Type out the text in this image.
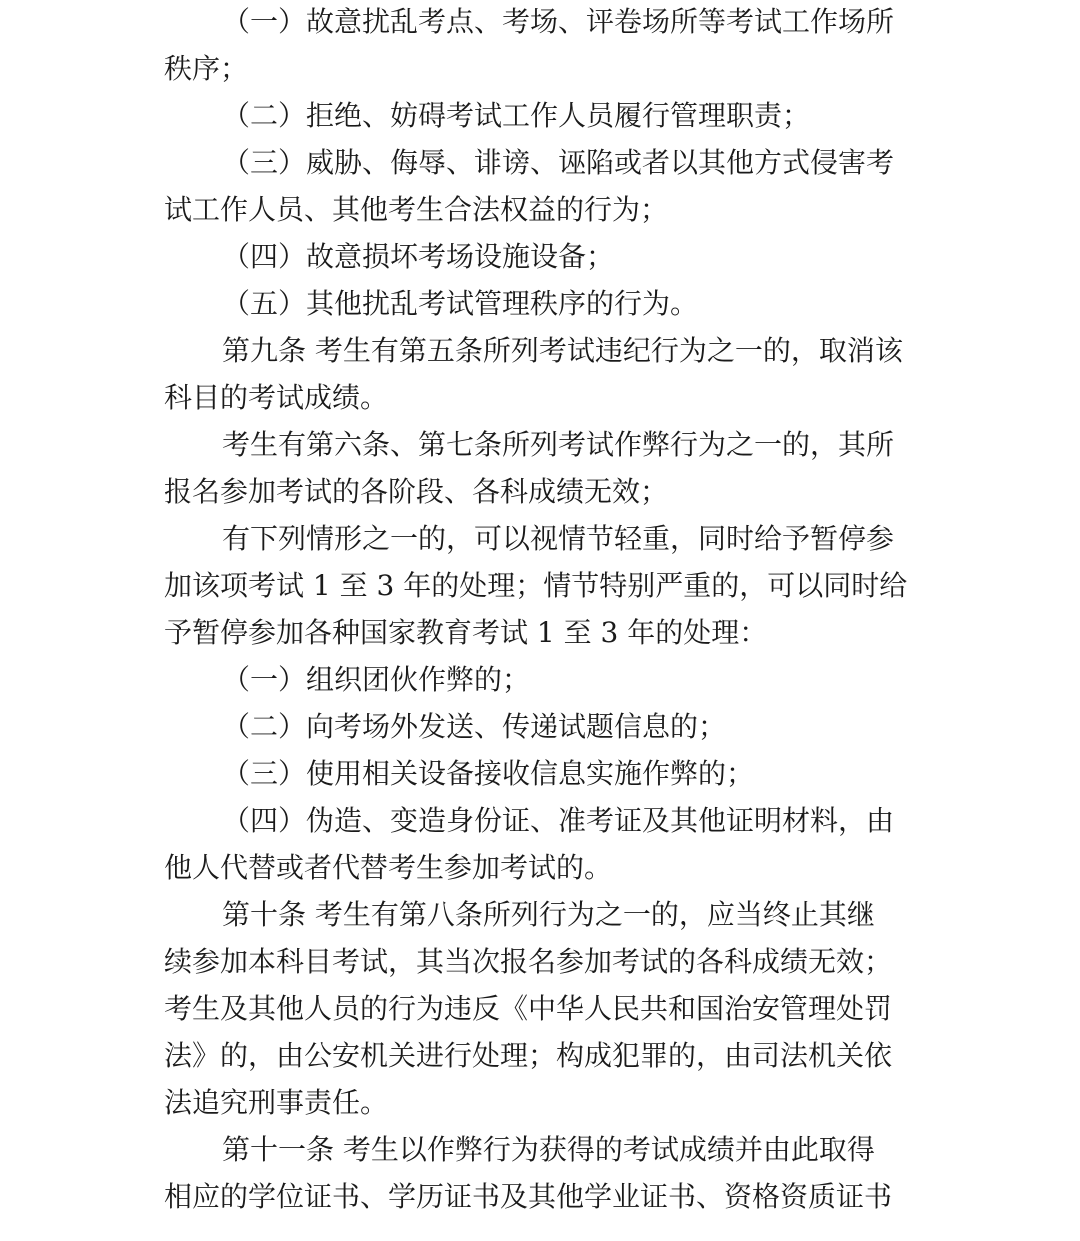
（一）故意扰乱考点、考场、评卷场所等考试工作场所
秩序；
（二）拒绝、妨碍考试工作人员履行管理职责；
（三）威胁、侮辱、诽谤、诬陷或者以其他方式侵害考
试工作人员、其他考生合法权益的行为；
（四）故意损坏考场设施设备；
（五）其他扰乱考试管理秩序的行为。
第九条 考生有第五条所列考试违纪行为之一的，取消该
科目的考试成绩。
考生有第六条、第七条所列考试作弊行为之一的，其所
报名参加考试的各阶段、各科成绩无效；
有下列情形之一的，可以视情节轻重，同时给予暂停参
加该项考试 1 至 3 年的处理；情节特别严重的，可以同时给
予暂停参加各种国家教育考试 1 至 3 年的处理：
（一）组织团伙作弊的；
（二）向考场外发送、传递试题信息的；
（三）使用相关设备接收信息实施作弊的；
（四）伪造、变造身份证、准考证及其他证明材料，由
他人代替或者代替考生参加考试的。
第十条 考生有第八条所列行为之一的，应当终止其继
续参加本科目考试，其当次报名参加考试的各科成绩无效；
考生及其他人员的行为违反《中华人民共和国治安管理处罚
法》的，由公安机关进行处理；构成犯罪的，由司法机关依
法追究刑事责任。
第十一条 考生以作弊行为获得的考试成绩并由此取得
相应的学位证书、学历证书及其他学业证书、资格资质证书
